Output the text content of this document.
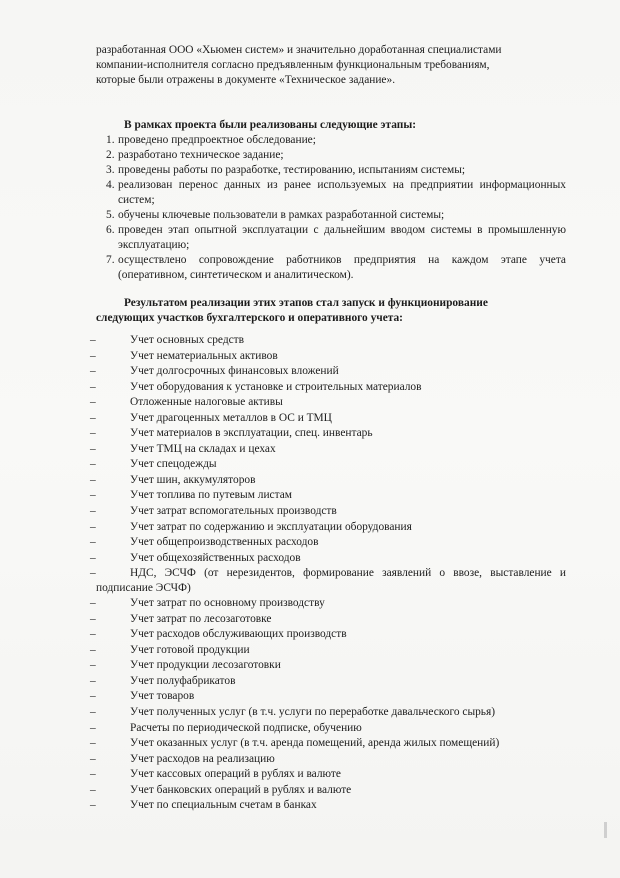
разработанная ООО «Хьюмен систем» и значительно доработанная специалистами
компании-исполнителя согласно предъявленным функциональным требованиям,
которые были отражены в документе «Техническое задание».
В рамках проекта были реализованы следующие этапы:
1. проведено предпроектное обследование;
2. разработано техническое задание;
3. проведены работы по разработке, тестированию, испытаниям системы;
4. реализован перенос данных из ранее используемых на предприятии информационных систем;
5. обучены ключевые пользователи в рамках разработанной системы;
6. проведен этап опытной эксплуатации с дальнейшим вводом системы в промышленную эксплуатацию;
7. осуществлено сопровождение работников предприятия на каждом этапе учета (оперативном, синтетическом и аналитическом).
Результатом реализации этих этапов стал запуск и функционирование
следующих участков бухгалтерского и оперативного учета:
–	Учет основных средств
–	Учет нематериальных активов
–	Учет долгосрочных финансовых вложений
–	Учет оборудования к установке и строительных материалов
–	Отложенные налоговые активы
–	Учет драгоценных металлов в ОС и ТМЦ
–	Учет материалов в эксплуатации, спец. инвентарь
–	Учет ТМЦ на складах и цехах
–	Учет спецодежды
–	Учет шин, аккумуляторов
–	Учет топлива по путевым листам
–	Учет затрат вспомогательных производств
–	Учет затрат по содержанию и эксплуатации оборудования
–	Учет общепроизводственных расходов
–	Учет общехозяйственных расходов
–	НДС, ЭСЧФ (от нерезидентов, формирование заявлений о ввозе, выставление и подписание ЭСЧФ)
–	Учет затрат по основному производству
–	Учет затрат по лесозаготовке
–	Учет расходов обслуживающих производств
–	Учет готовой продукции
–	Учет продукции лесозаготовки
–	Учет полуфабрикатов
–	Учет товаров
–	Учет полученных услуг (в т.ч. услуги по переработке давальческого сырья)
–	Расчеты по периодической подписке, обучению
–	Учет оказанных услуг (в т.ч. аренда помещений, аренда жилых помещений)
–	Учет расходов на реализацию
–	Учет кассовых операций в рублях и валюте
–	Учет банковских операций в рублях и валюте
–	Учет по специальным счетам в банках
